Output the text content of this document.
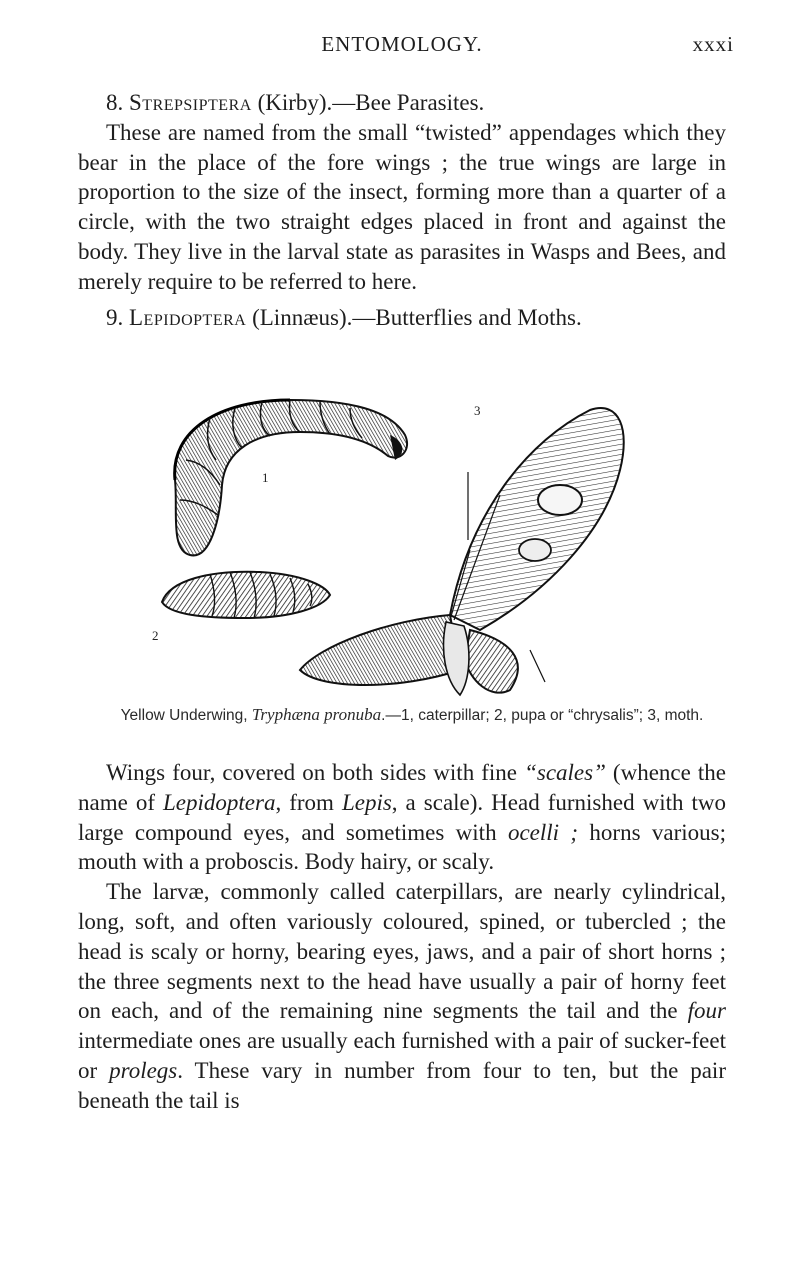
ENTOMOLOGY.	xxxi

8. Strepsiptera (Kirby).—Bee Parasites.

These are named from the small “twisted” appendages which they bear in the place of the fore wings ; the true wings are large in proportion to the size of the insect, forming more than a quarter of a circle, with the two straight edges placed in front and against the body. They live in the larval state as parasites in Wasps and Bees, and merely require to be referred to here.

9. Lepidoptera (Linnæus).—Butterflies and Moths.

1
2
3
Yellow Underwing, Tryphæna pronuba.—1, caterpillar; 2, pupa or “chrysalis”; 3, moth.

Wings four, covered on both sides with fine “scales” (whence the name of Lepidoptera, from Lepis, a scale). Head furnished with two large compound eyes, and sometimes with ocelli ; horns various; mouth with a proboscis. Body hairy, or scaly.

The larvæ, commonly called caterpillars, are nearly cylindrical, long, soft, and often variously coloured, spined, or tubercled ; the head is scaly or horny, bearing eyes, jaws, and a pair of short horns ; the three segments next to the head have usually a pair of horny feet on each, and of the remaining nine segments the tail and the four intermediate ones are usually each furnished with a pair of sucker-feet or prolegs. These vary in number from four to ten, but the pair beneath the tail is
